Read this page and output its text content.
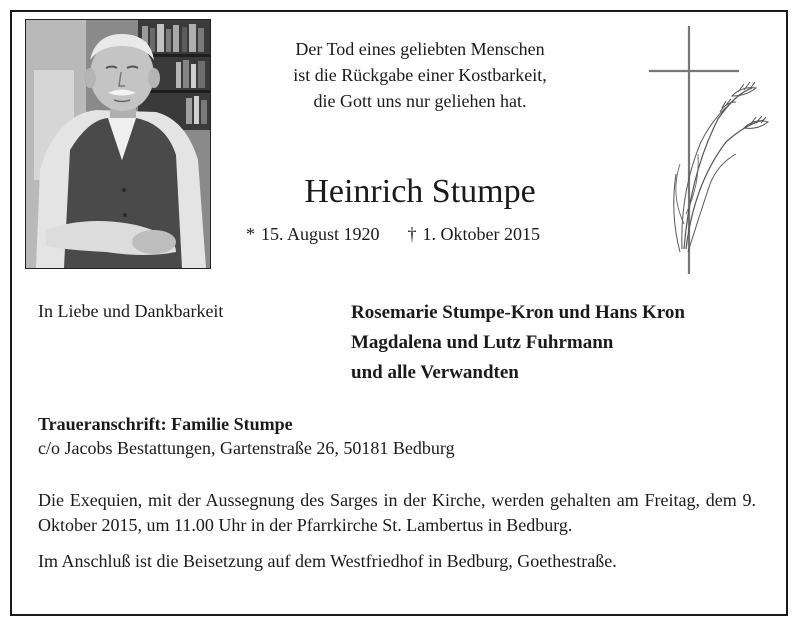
Der Tod eines geliebten Menschen
ist die Rückgabe einer Kostbarkeit,
die Gott uns nur geliehen hat.
Heinrich Stumpe
* 15. August 1920 † 1. Oktober 2015
In Liebe und Dankbarkeit	Rosemarie Stumpe-Kron und Hans Kron
Magdalena und Lutz Fuhrmann
und alle Verwandten
Traueranschrift: Familie Stumpe
c/o Jacobs Bestattungen, Gartenstraße 26, 50181 Bedburg

Die Exequien, mit der Aussegnung des Sarges in der Kirche, werden gehalten am Freitag, dem 9. Oktober 2015, um 11.00 Uhr in der Pfarrkirche St. Lambertus in Bedburg.

Im Anschluß ist die Beisetzung auf dem Westfriedhof in Bedburg, Goethestraße.
